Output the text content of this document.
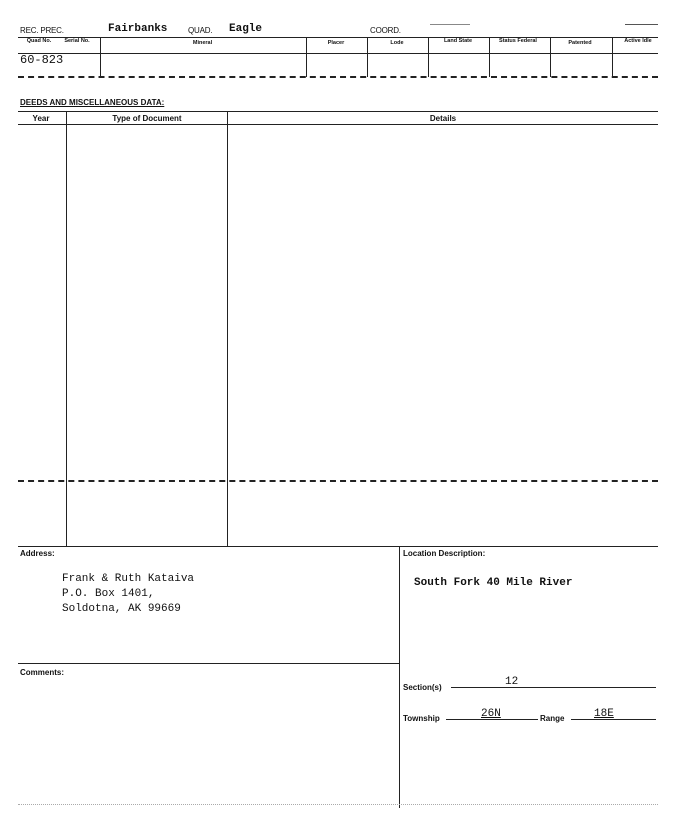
REC. PREC.	Fairbanks	QUAD. Eagle	COORD.
Quad No.	Serial No.	Mineral	Placer	Lode	Land State	Status Federal	Patented	Active Idle
60-823
DEEDS AND MISCELLANEOUS DATA:
Year	Type of Document	Details
Address:
Frank & Ruth Kataiva
P.O. Box 1401,
Soldotna, AK 99669
Comments:
Location Description:
South Fork 40 Mile River
Section(s)	12
Township	26N	Range	18E
